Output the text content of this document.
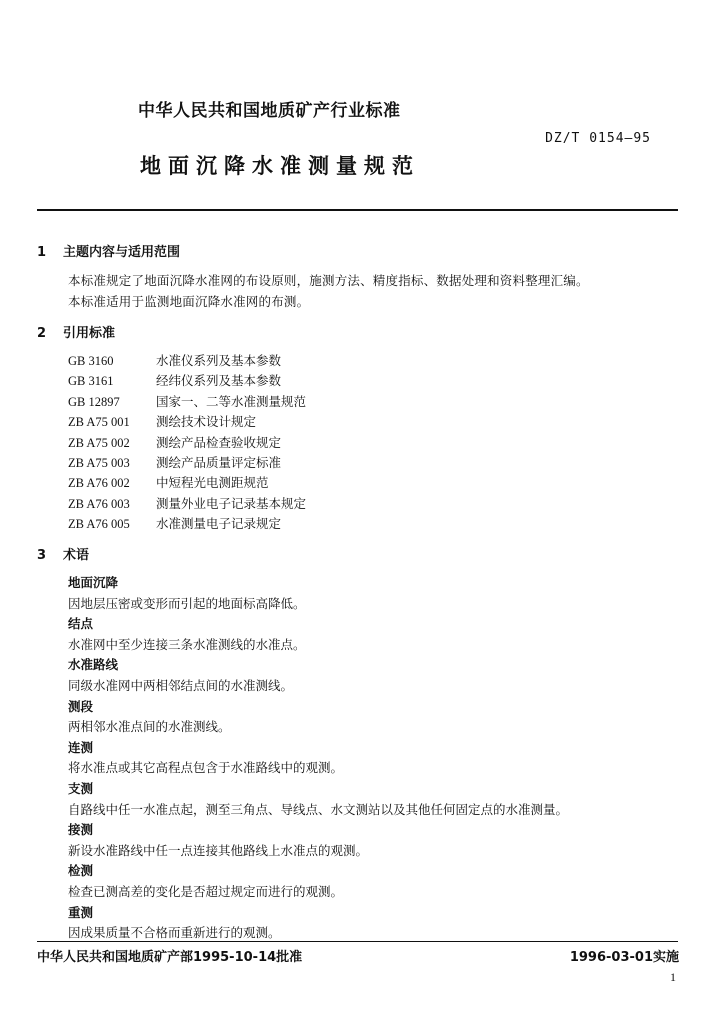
中华人民共和国地质矿产行业标准
DZ/T 0154—95
地面沉降水准测量规范
1 主题内容与适用范围
本标准规定了地面沉降水准网的布设原则，施测方法、精度指标、数据处理和资料整理汇编。
本标准适用于监测地面沉降水准网的布测。
2 引用标准
GB 3160	水准仪系列及基本参数
GB 3161	经纬仪系列及基本参数
GB 12897	国家一、二等水准测量规范
ZB A75 001 测绘技术设计规定
ZB A75 002 测绘产品检查验收规定
ZB A75 003 测绘产品质量评定标准
ZB A76 002 中短程光电测距规范
ZB A76 003 测量外业电子记录基本规定
ZB A76 005 水准测量电子记录规定
3 术语
地面沉降
因地层压密或变形而引起的地面标高降低。
结点
水准网中至少连接三条水准测线的水准点。
水准路线
同级水准网中两相邻结点间的水准测线。
测段
两相邻水准点间的水准测线。
连测
将水准点或其它高程点包含于水准路线中的观测。
支测
自路线中任一水准点起，测至三角点、导线点、水文测站以及其他任何固定点的水准测量。
接测
新设水准路线中任一点连接其他路线上水准点的观测。
检测
检查已测高差的变化是否超过规定而进行的观测。
重测
因成果质量不合格而重新进行的观测。
中华人民共和国地质矿产部1995-10-14批准	1996-03-01实施
1
